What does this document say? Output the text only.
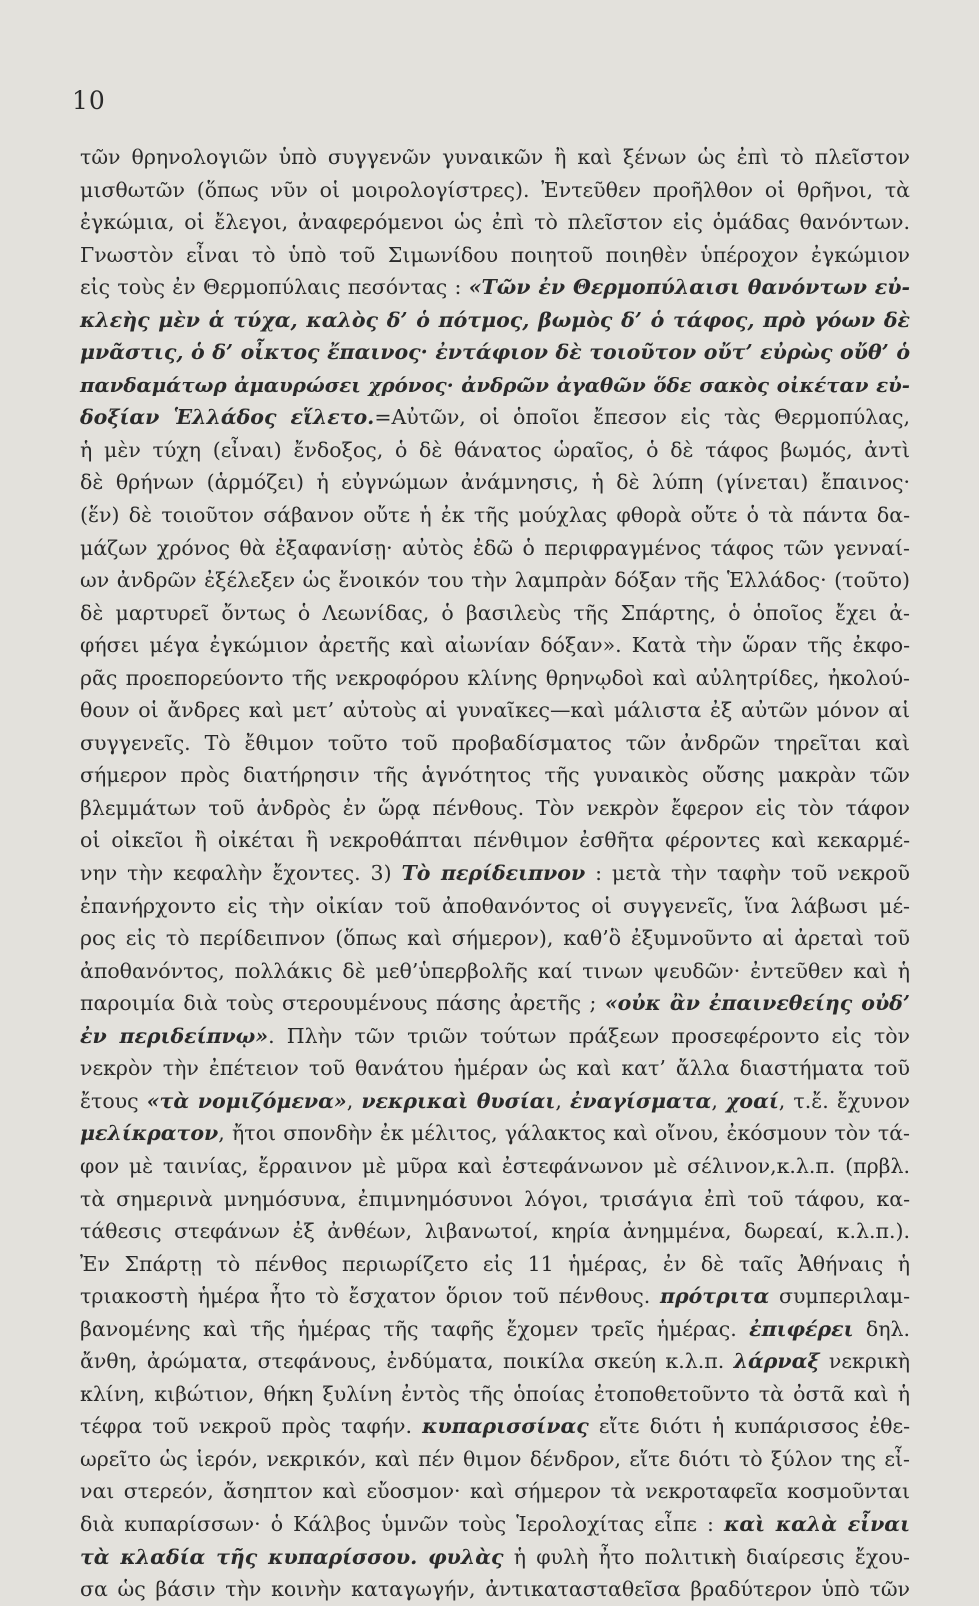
10
τῶν θρηνολογιῶν ὑπὸ συγγενῶν γυναικῶν ἢ καὶ ξένων ὡς ἐπὶ τὸ πλεῖστον
μισθωτῶν (ὅπως νῦν οἱ μοιρολογίστρες). Ἐντεῦθεν προῆλθον οἱ θρῆνοι, τὰ
ἐγκώμια, οἱ ἔλεγοι, ἀναφερόμενοι ὡς ἐπὶ τὸ πλεῖστον εἰς ὁμάδας θανόντων.
Γνωστὸν εἶναι τὸ ὑπὸ τοῦ Σιμωνίδου ποιητοῦ ποιηθὲν ὑπέροχον ἐγκώμιον
εἰς τοὺς ἐν Θερμοπύλαις πεσόντας : «Τῶν ἐν Θερμοπύλαισι θανόντων εὐ-
κλεὴς μὲν ἁ τύχα, καλὸς δ’ ὁ πότμος, βωμὸς δ’ ὁ τάφος, πρὸ γόων δὲ
μνᾶστις, ὁ δ’ οἶκτος ἔπαινος· ἐντάφιον δὲ τοιοῦτον οὔτ’ εὐρὼς οὔθ’ ὁ
πανδαμάτωρ ἀμαυρώσει χρόνος· ἀνδρῶν ἀγαθῶν ὅδε σακὸς οἰκέταν εὐ-
δοξίαν Ἑλλάδος εἵλετο.=Αὐτῶν, οἱ ὁποῖοι ἔπεσον εἰς τὰς Θερμοπύλας,
ἡ μὲν τύχη (εἶναι) ἔνδοξος, ὁ δὲ θάνατος ὡραῖος, ὁ δὲ τάφος βωμός, ἀντὶ
δὲ θρήνων (ἁρμόζει) ἡ εὐγνώμων ἀνάμνησις, ἡ δὲ λύπη (γίνεται) ἔπαινος·
(ἕν) δὲ τοιοῦτον σάβανον οὔτε ἡ ἐκ τῆς μούχλας φθορὰ οὔτε ὁ τὰ πάντα δα-
μάζων χρόνος θὰ ἐξαφανίσῃ· αὐτὸς ἐδῶ ὁ περιφραγμένος τάφος τῶν γενναί-
ων ἀνδρῶν ἐξέλεξεν ὡς ἔνοικόν του τὴν λαμπρὰν δόξαν τῆς Ἑλλάδος· (τοῦτο)
δὲ μαρτυρεῖ ὄντως ὁ Λεωνίδας, ὁ βασιλεὺς τῆς Σπάρτης, ὁ ὁποῖος ἔχει ἀ-
φήσει μέγα ἐγκώμιον ἀρετῆς καὶ αἰωνίαν δόξαν». Κατὰ τὴν ὥραν τῆς ἐκφο-
ρᾶς προεπορεύοντο τῆς νεκροφόρου κλίνης θρηνῳδοὶ καὶ αὐλητρίδες, ἠκολού-
θουν οἱ ἄνδρες καὶ μετ’ αὐτοὺς αἱ γυναῖκες—καὶ μάλιστα ἐξ αὐτῶν μόνον αἱ
συγγενεῖς. Τὸ ἔθιμον τοῦτο τοῦ προβαδίσματος τῶν ἀνδρῶν τηρεῖται καὶ
σήμερον πρὸς διατήρησιν τῆς ἁγνότητος τῆς γυναικὸς οὔσης μακρὰν τῶν
βλεμμάτων τοῦ ἀνδρὸς ἐν ὥρᾳ πένθους. Τὸν νεκρὸν ἔφερον εἰς τὸν τάφον
οἱ οἰκεῖοι ἢ οἰκέται ἢ νεκροθάπται πένθιμον ἐσθῆτα φέροντες καὶ κεκαρμέ-
νην τὴν κεφαλὴν ἔχοντες. 3) Τὸ περίδειπνον : μετὰ τὴν ταφὴν τοῦ νεκροῦ
ἐπανήρχοντο εἰς τὴν οἰκίαν τοῦ ἀποθανόντος οἱ συγγενεῖς, ἵνα λάβωσι μέ-
ρος εἰς τὸ περίδειπνον (ὅπως καὶ σήμερον), καθ’ὃ ἐξυμνοῦντο αἱ ἀρεταὶ τοῦ
ἀποθανόντος, πολλάκις δὲ μεθ’ὑπερβολῆς καί τινων ψευδῶν· ἐντεῦθεν καὶ ἡ
παροιμία διὰ τοὺς στερουμένους πάσης ἀρετῆς ; «οὐκ ἂν ἐπαινεθείης οὐδ’
ἐν περιδείπνῳ». Πλὴν τῶν τριῶν τούτων πράξεων προσεφέροντο εἰς τὸν
νεκρὸν τὴν ἐπέτειον τοῦ θανάτου ἡμέραν ὡς καὶ κατ’ ἄλλα διαστήματα τοῦ
ἔτους «τὰ νομιζόμενα», νεκρικαὶ θυσίαι, ἐναγίσματα, χοαί, τ.ἔ. ἔχυνον
μελίκρατον, ἤτοι σπονδὴν ἐκ μέλιτος, γάλακτος καὶ οἴνου, ἐκόσμουν τὸν τά-
φον μὲ ταινίας, ἔρραινον μὲ μῦρα καὶ ἐστεφάνωνον μὲ σέλινον,κ.λ.π. (πρβλ.
τὰ σημερινὰ μνημόσυνα, ἐπιμνημόσυνοι λόγοι, τρισάγια ἐπὶ τοῦ τάφου, κα-
τάθεσις στεφάνων ἐξ ἀνθέων, λιβανωτοί, κηρία ἀνημμένα, δωρεαί, κ.λ.π.).
Ἐν Σπάρτῃ τὸ πένθος περιωρίζετο εἰς 11 ἡμέρας, ἐν δὲ ταῖς Ἀθήναις ἡ
τριακοστὴ ἡμέρα ἦτο τὸ ἔσχατον ὅριον τοῦ πένθους. πρότριτα συμπεριλαμ-
βανομένης καὶ τῆς ἡμέρας τῆς ταφῆς ἔχομεν τρεῖς ἡμέρας. ἐπιφέρει δηλ.
ἄνθη, ἀρώματα, στεφάνους, ἐνδύματα, ποικίλα σκεύη κ.λ.π. λάρναξ νεκρικὴ
κλίνη, κιβώτιον, θήκη ξυλίνη ἐντὸς τῆς ὁποίας ἐτοποθετοῦντο τὰ ὀστᾶ καὶ ἡ
τέφρα τοῦ νεκροῦ πρὸς ταφήν. κυπαρισσίνας εἴτε διότι ἡ κυπάρισσος ἐθε-
ωρεῖτο ὡς ἱερόν, νεκρικόν, καὶ πέν θιμον δένδρον, εἴτε διότι τὸ ξύλον της εἶ-
ναι στερεόν, ἄσηπτον καὶ εὔοσμον· καὶ σήμερον τὰ νεκροταφεῖα κοσμοῦνται
διὰ κυπαρίσσων· ὁ Κάλβος ὑμνῶν τοὺς Ἱερολοχίτας εἶπε : καὶ καλὰ εἶναι
τὰ κλαδία τῆς κυπαρίσσου. φυλὰς ἡ φυλὴ ἦτο πολιτικὴ διαίρεσις ἔχου-
σα ὡς βάσιν τὴν κοινὴν καταγωγήν, ἀντικατασταθεῖσα βραδύτερον ὑπὸ τῶν
